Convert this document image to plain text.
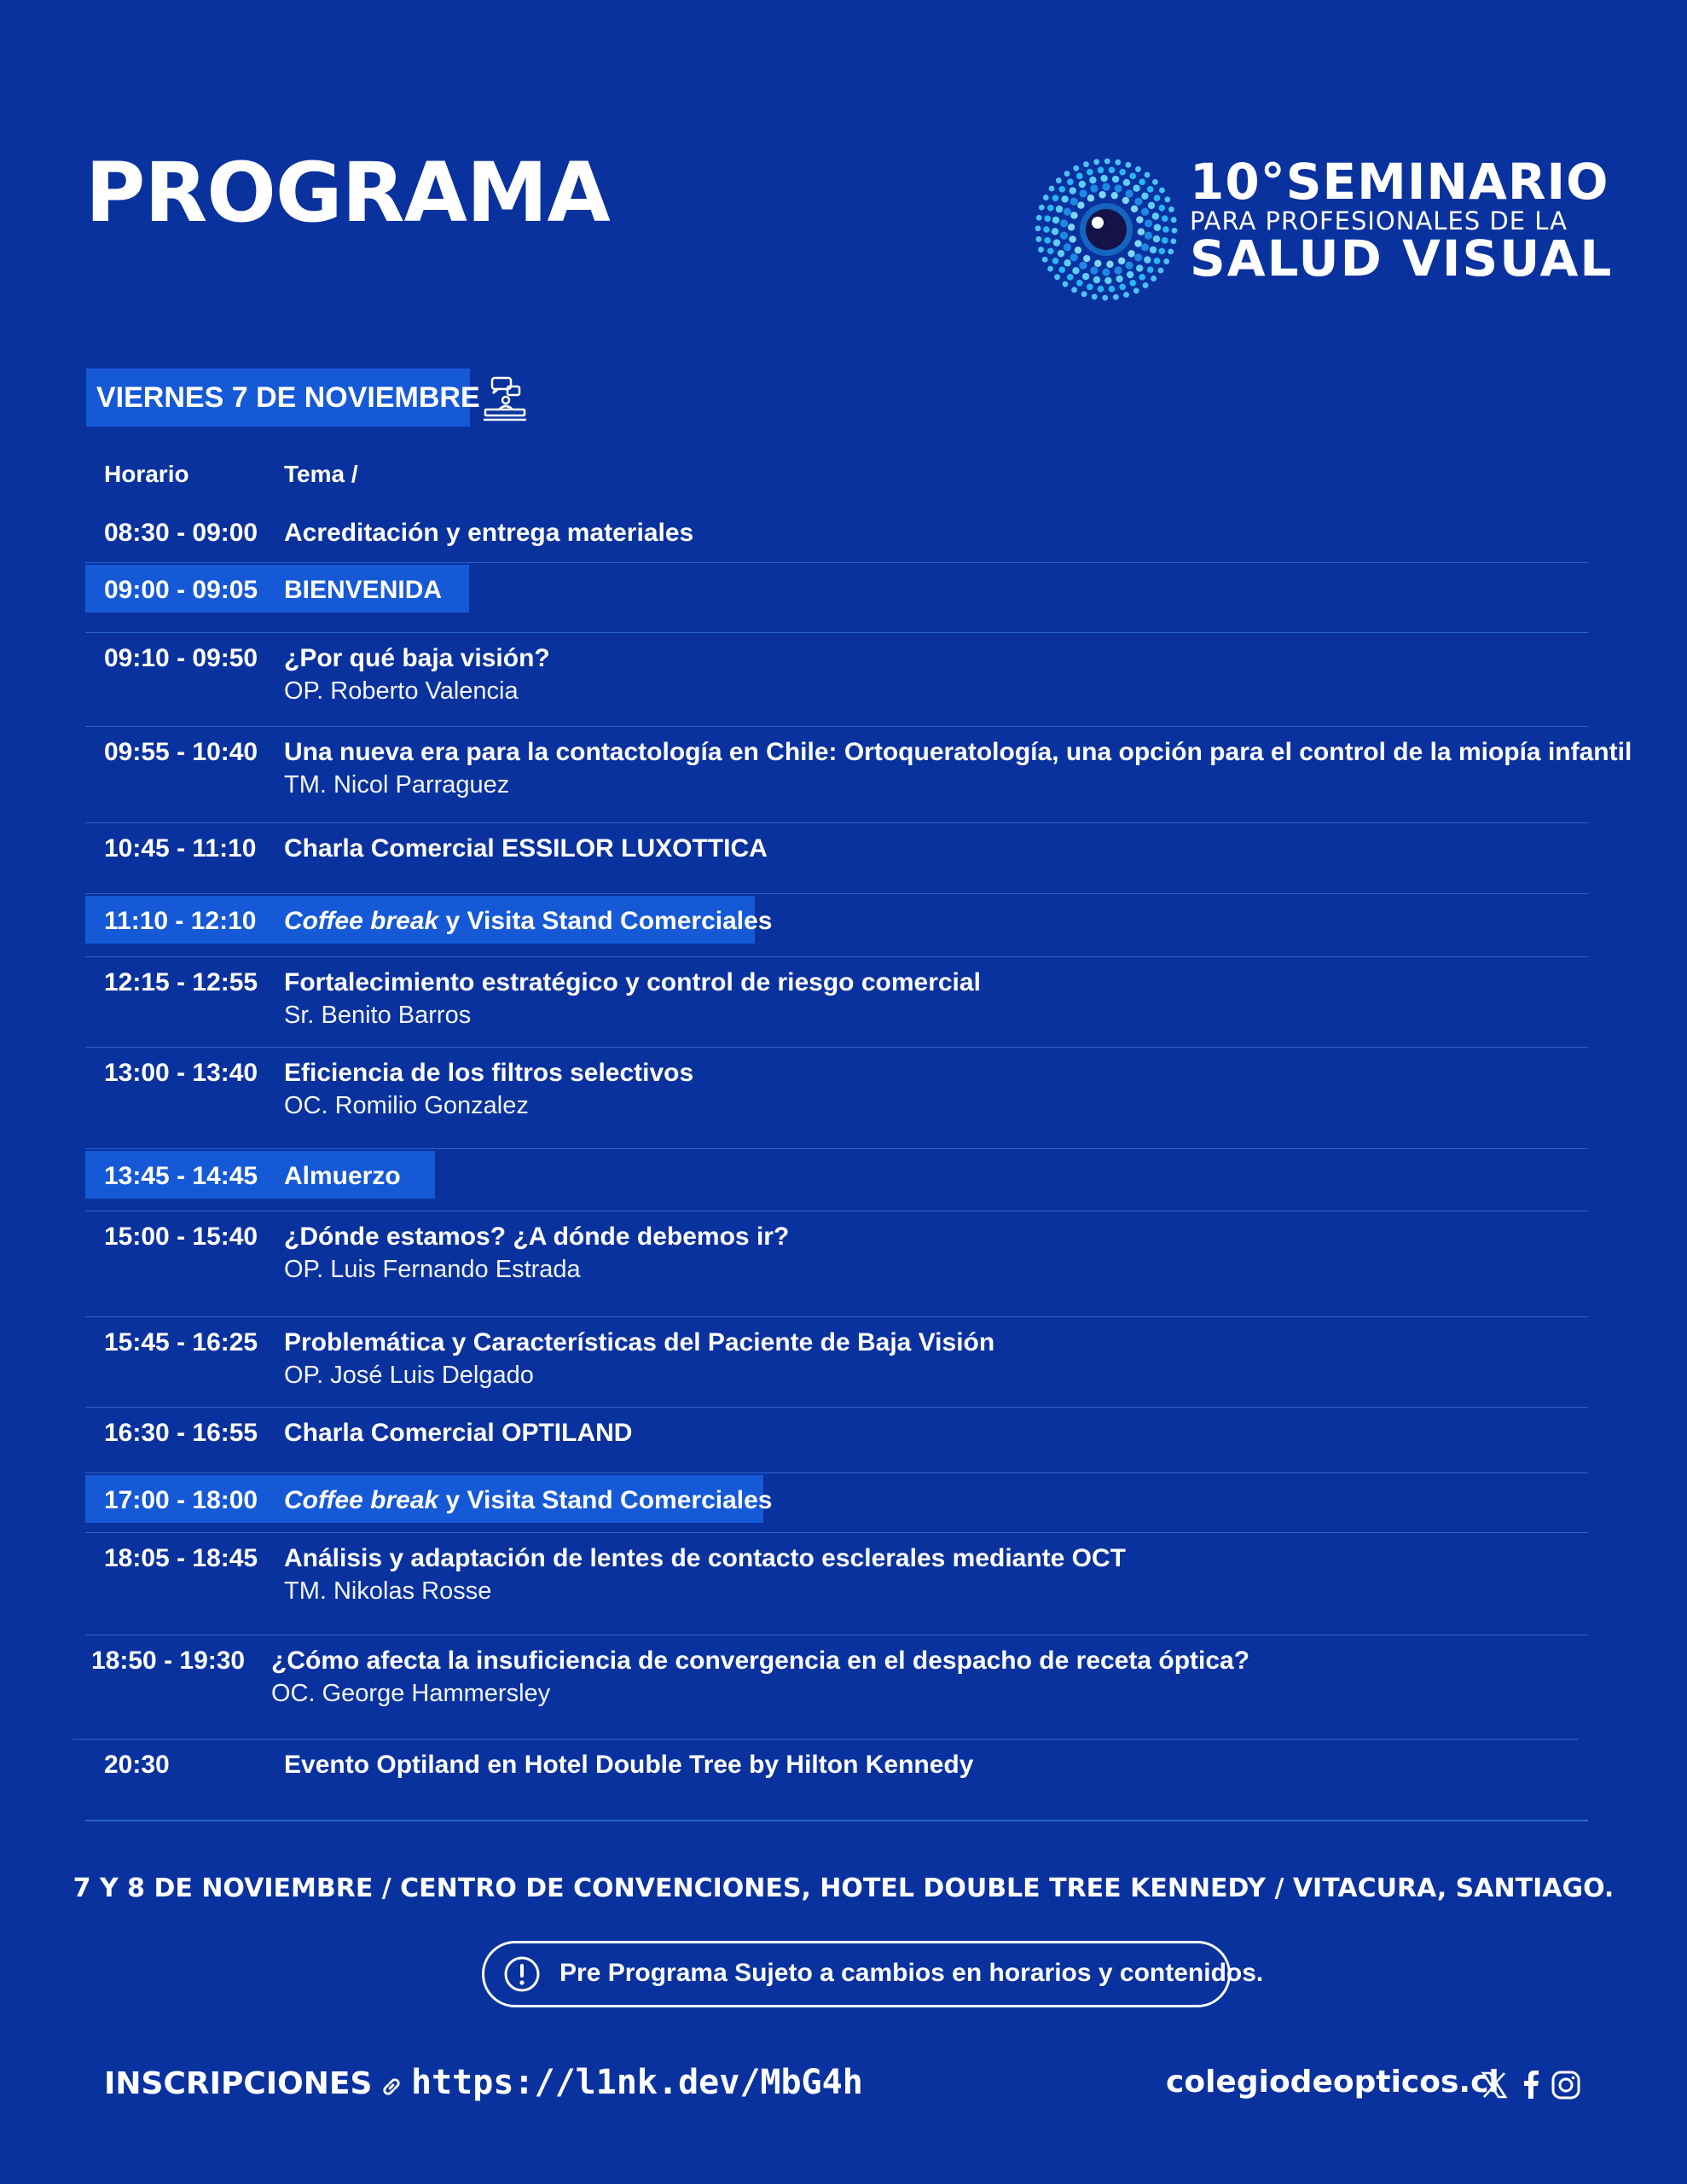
PROGRAMA	10°SEMINARIO
PARA PROFESIONALES DE LA
SALUD VISUAL
VIERNES 7 DE NOVIEMBRE
Horario	Tema /
08:30 - 09:00 Acreditación y entrega materiales
09:00 - 09:05 BIENVENIDA
09:10 - 09:50 ¿Por qué baja visión?
OP. Roberto Valencia
09:55 - 10:40 Una nueva era para la contactología en Chile: Ortoqueratología, una opción para el control de la miopía infantil
TM. Nicol Parraguez
10:45 - 11:10 Charla Comercial ESSILOR LUXOTTICA
11:10 - 12:10 Coffee break y Visita Stand Comerciales
12:15 - 12:55 Fortalecimiento estratégico y control de riesgo comercial
Sr. Benito Barros
13:00 - 13:40 Eficiencia de los filtros selectivos
OC. Romilio Gonzalez
13:45 - 14:45 Almuerzo
15:00 - 15:40 ¿Dónde estamos? ¿A dónde debemos ir?
OP. Luis Fernando Estrada
15:45 - 16:25 Problemática y Características del Paciente de Baja Visión
OP. José Luis Delgado
16:30 - 16:55 Charla Comercial OPTILAND
17:00 - 18:00 Coffee break y Visita Stand Comerciales
18:05 - 18:45 Análisis y adaptación de lentes de contacto esclerales mediante OCT
TM. Nikolas Rosse
18:50 - 19:30 ¿Cómo afecta la insuficiencia de convergencia en el despacho de receta óptica?
OC. George Hammersley
20:30	Evento Optiland en Hotel Double Tree by Hilton Kennedy
7 Y 8 DE NOVIEMBRE / CENTRO DE CONVENCIONES, HOTEL DOUBLE TREE KENNEDY / VITACURA, SANTIAGO.
Pre Programa Sujeto a cambios en horarios y contenidos.
INSCRIPCIONES https://l1nk.dev/MbG4h	colegiodeopticos.cl
